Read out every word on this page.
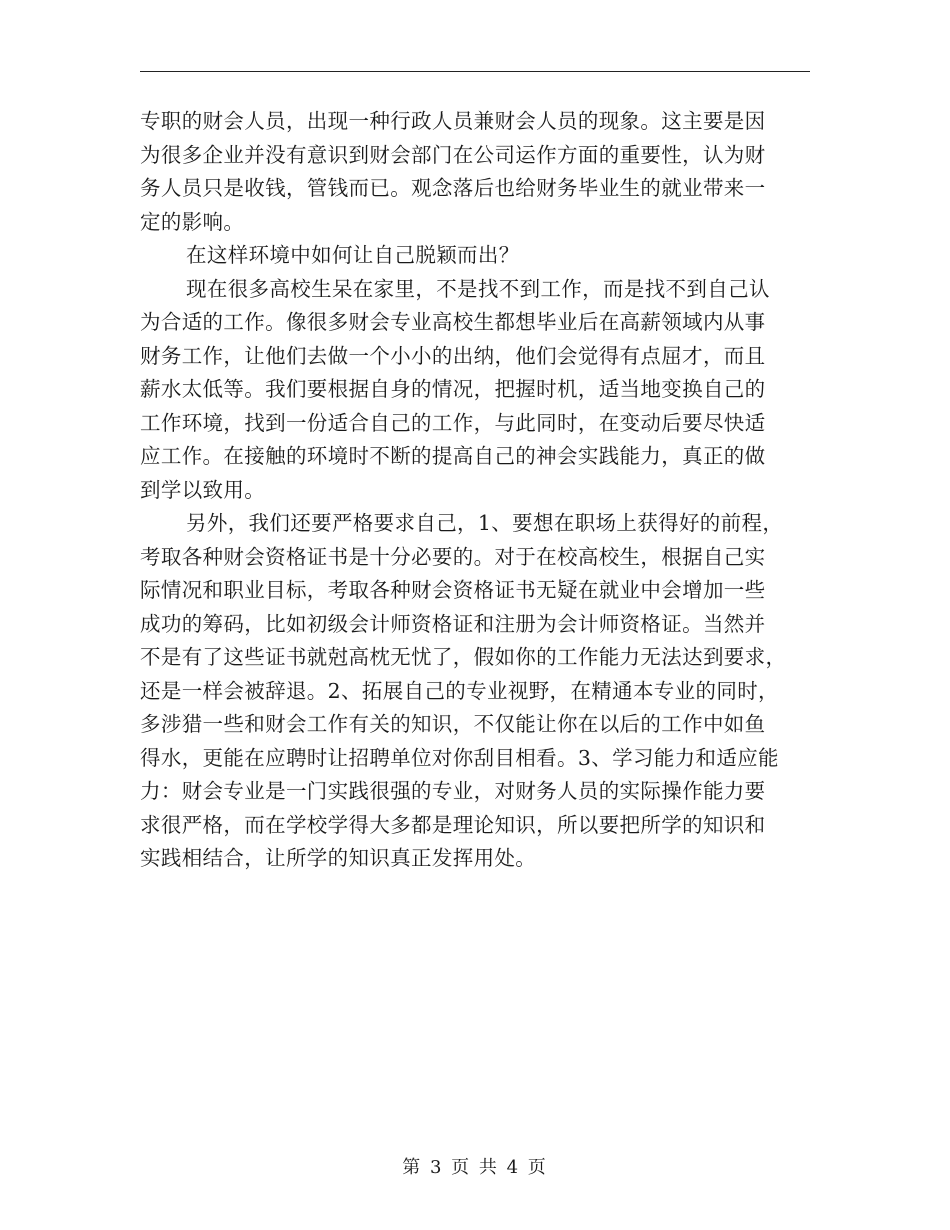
专职的财会人员，出现一种行政人员兼财会人员的现象。这主要是因
为很多企业并没有意识到财会部门在公司运作方面的重要性，认为财
务人员只是收钱，管钱而已。观念落后也给财务毕业生的就业带来一
定的影响。
在这样环境中如何让自己脱颖而出？
现在很多高校生呆在家里，不是找不到工作，而是找不到自己认
为合适的工作。像很多财会专业高校生都想毕业后在高薪领域内从事
财务工作，让他们去做一个小小的出纳，他们会觉得有点屈才，而且
薪水太低等。我们要根据自身的情况，把握时机，适当地变换自己的
工作环境，找到一份适合自己的工作，与此同时，在变动后要尽快适
应工作。在接触的环境时不断的提高自己的神会实践能力，真正的做
到学以致用。
另外，我们还要严格要求自己，1、要想在职场上获得好的前程，
考取各种财会资格证书是十分必要的。对于在校高校生，根据自己实
际情况和职业目标，考取各种财会资格证书无疑在就业中会增加一些
成功的筹码，比如初级会计师资格证和注册为会计师资格证。当然并
不是有了这些证书就尅高枕无忧了，假如你的工作能力无法达到要求，
还是一样会被辞退。2、拓展自己的专业视野，在精通本专业的同时，
多涉猎一些和财会工作有关的知识，不仅能让你在以后的工作中如鱼
得水，更能在应聘时让招聘单位对你刮目相看。3、学习能力和适应能
力：财会专业是一门实践很强的专业，对财务人员的实际操作能力要
求很严格，而在学校学得大多都是理论知识，所以要把所学的知识和
实践相结合，让所学的知识真正发挥用处。
第 3 页 共 4 页
